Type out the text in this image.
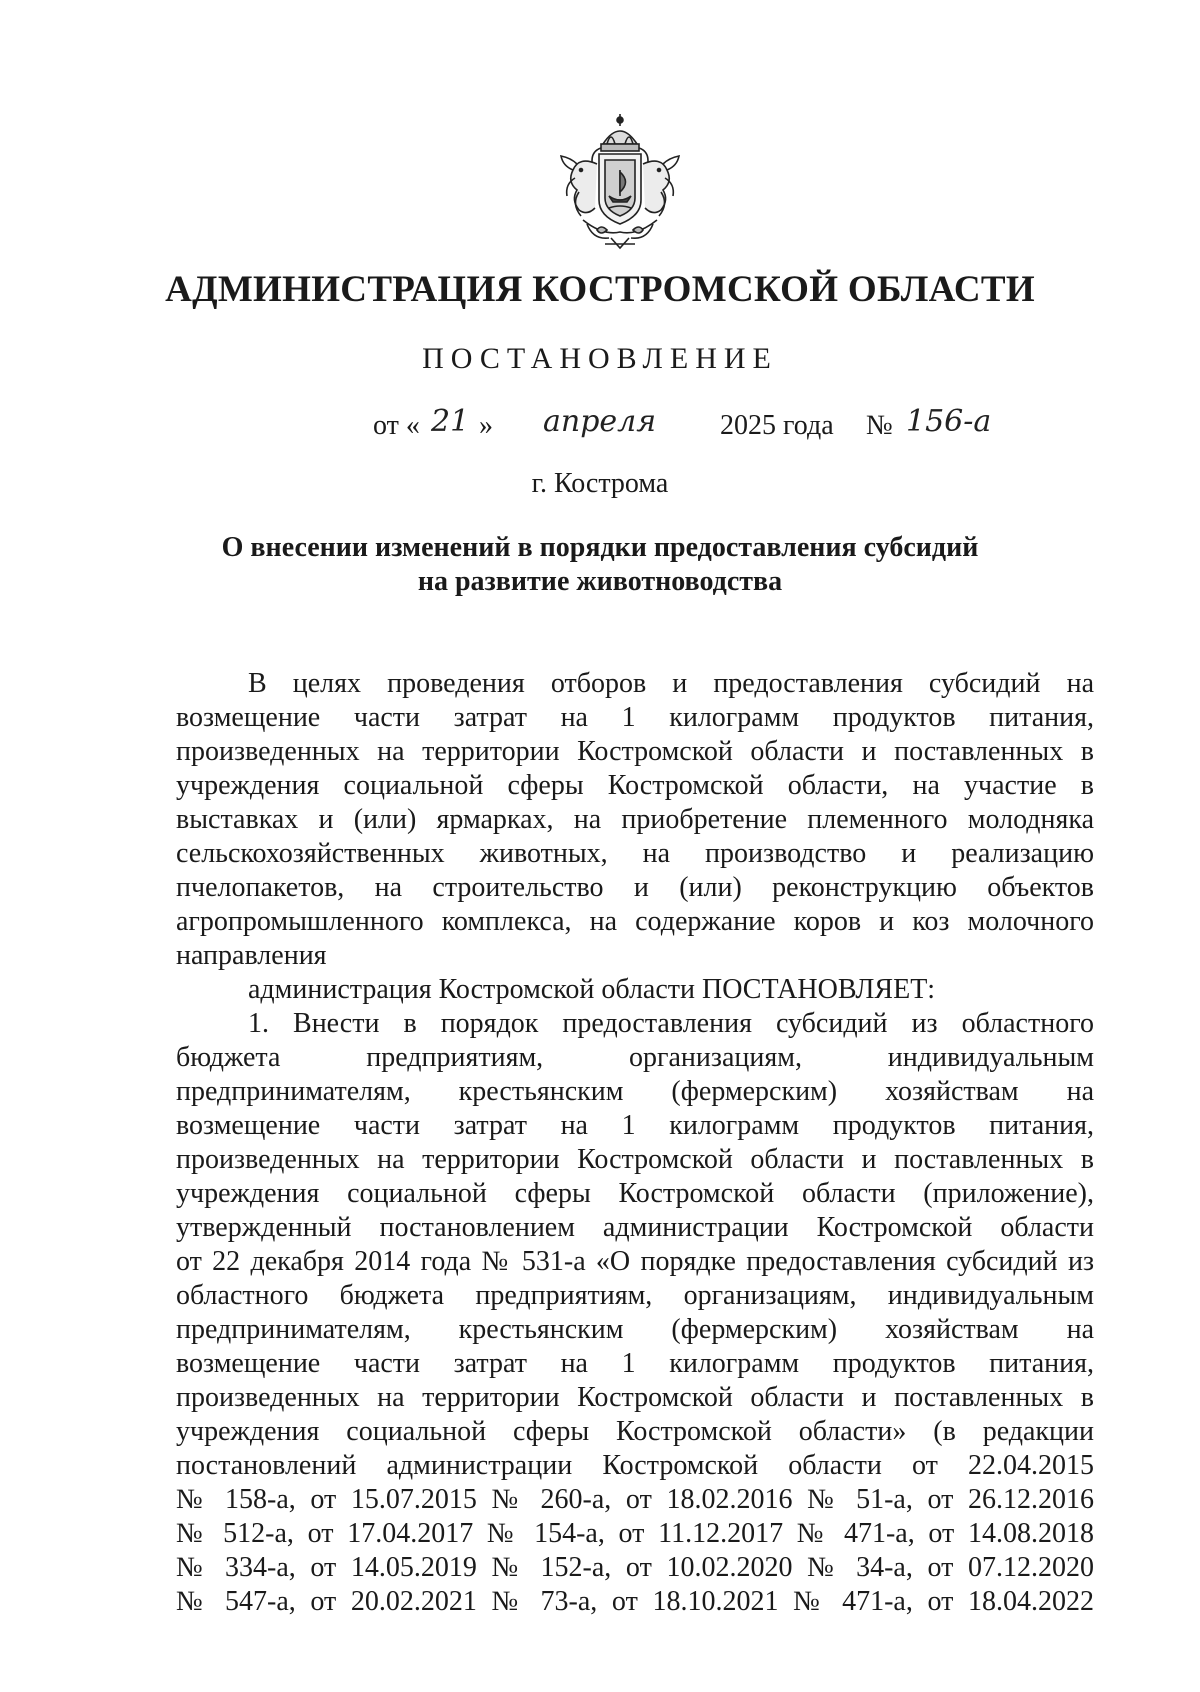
АДМИНИСТРАЦИЯ КОСТРОМСКОЙ ОБЛАСТИ
ПОСТАНОВЛЕНИЕ
от « 21 » апреля 2025 года № 156-а
г. Кострома
О внесении изменений в порядки предоставления субсидий
на развитие животноводства
В целях проведения отборов и предоставления субсидий на
возмещение части затрат на 1 килограмм продуктов питания,
произведенных на территории Костромской области и поставленных в
учреждения социальной сферы Костромской области, на участие в
выставках и (или) ярмарках, на приобретение племенного молодняка
сельскохозяйственных животных, на производство и реализацию
пчелопакетов, на строительство и (или) реконструкцию объектов
агропромышленного комплекса, на содержание коров и коз молочного
направления
администрация Костромской области ПОСТАНОВЛЯЕТ:
1. Внести в порядок предоставления субсидий из областного
бюджета предприятиям, организациям, индивидуальным
предпринимателям, крестьянским (фермерским) хозяйствам на
возмещение части затрат на 1 килограмм продуктов питания,
произведенных на территории Костромской области и поставленных в
учреждения социальной сферы Костромской области (приложение),
утвержденный постановлением администрации Костромской области
от 22 декабря 2014 года № 531-а «О порядке предоставления субсидий из
областного бюджета предприятиям, организациям, индивидуальным
предпринимателям, крестьянским (фермерским) хозяйствам на
возмещение части затрат на 1 килограмм продуктов питания,
произведенных на территории Костромской области и поставленных в
учреждения социальной сферы Костромской области» (в редакции
постановлений администрации Костромской области от 22.04.2015
№ 158-а, от 15.07.2015 № 260-а, от 18.02.2016 № 51-а, от 26.12.2016
№ 512-а, от 17.04.2017 № 154-а, от 11.12.2017 № 471-а, от 14.08.2018
№ 334-а, от 14.05.2019 № 152-а, от 10.02.2020 № 34-а, от 07.12.2020
№ 547-а, от 20.02.2021 № 73-а, от 18.10.2021 № 471-а, от 18.04.2022
